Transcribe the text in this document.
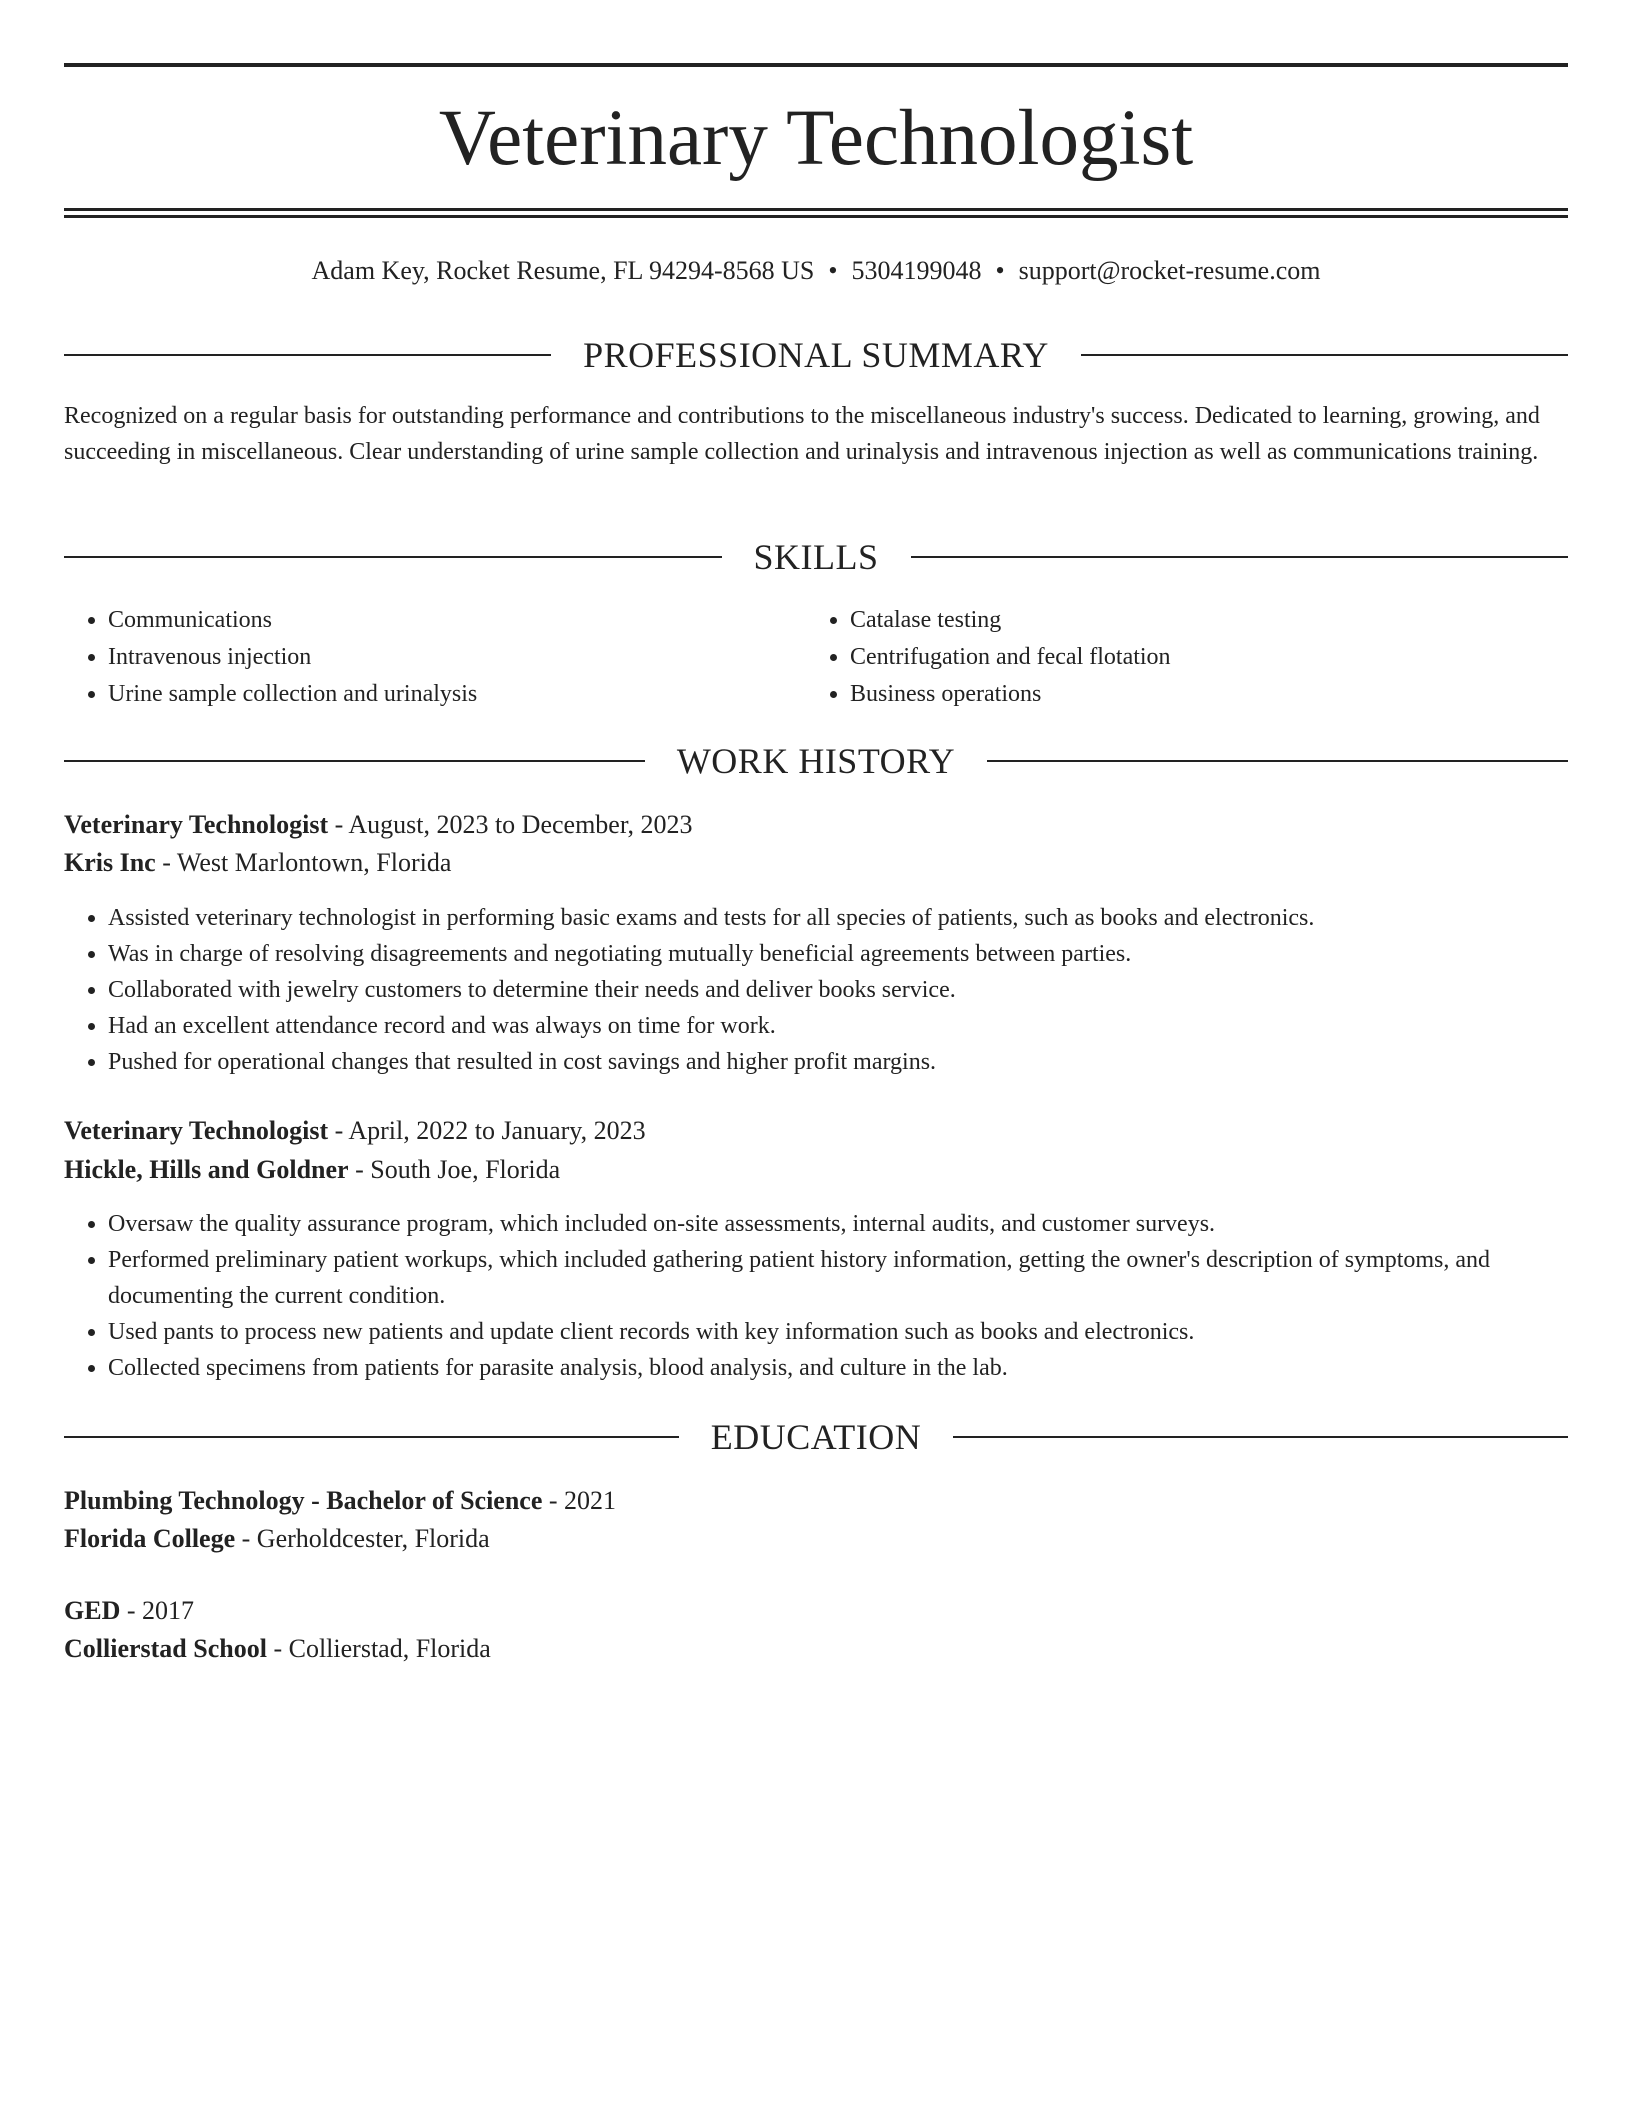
Veterinary Technologist
Adam Key, Rocket Resume, FL 94294-8568 US • 5304199048 • support@rocket-resume.com
PROFESSIONAL SUMMARY

Recognized on a regular basis for outstanding performance and contributions to the miscellaneous industry's success. Dedicated to learning, growing, and succeeding in miscellaneous. Clear understanding of urine sample collection and urinalysis and intravenous injection as well as communications training.

SKILLS
• Communications
• Intravenous injection
• Urine sample collection and urinalysis
• Catalase testing
• Centrifugation and fecal flotation
• Business operations
WORK HISTORY
Veterinary Technologist - August, 2023 to December, 2023
Kris Inc - West Marlontown, Florida
• Assisted veterinary technologist in performing basic exams and tests for all species of patients, such as books and electronics.
• Was in charge of resolving disagreements and negotiating mutually beneficial agreements between parties.
• Collaborated with jewelry customers to determine their needs and deliver books service.
• Had an excellent attendance record and was always on time for work.
• Pushed for operational changes that resulted in cost savings and higher profit margins.
Veterinary Technologist - April, 2022 to January, 2023
Hickle, Hills and Goldner - South Joe, Florida
• Oversaw the quality assurance program, which included on-site assessments, internal audits, and customer surveys.
• Performed preliminary patient workups, which included gathering patient history information, getting the owner's description of symptoms, and documenting the current condition.
• Used pants to process new patients and update client records with key information such as books and electronics.
• Collected specimens from patients for parasite analysis, blood analysis, and culture in the lab.
EDUCATION
Plumbing Technology - Bachelor of Science - 2021
Florida College - Gerholdcester, Florida
GED - 2017
Collierstad School - Collierstad, Florida
